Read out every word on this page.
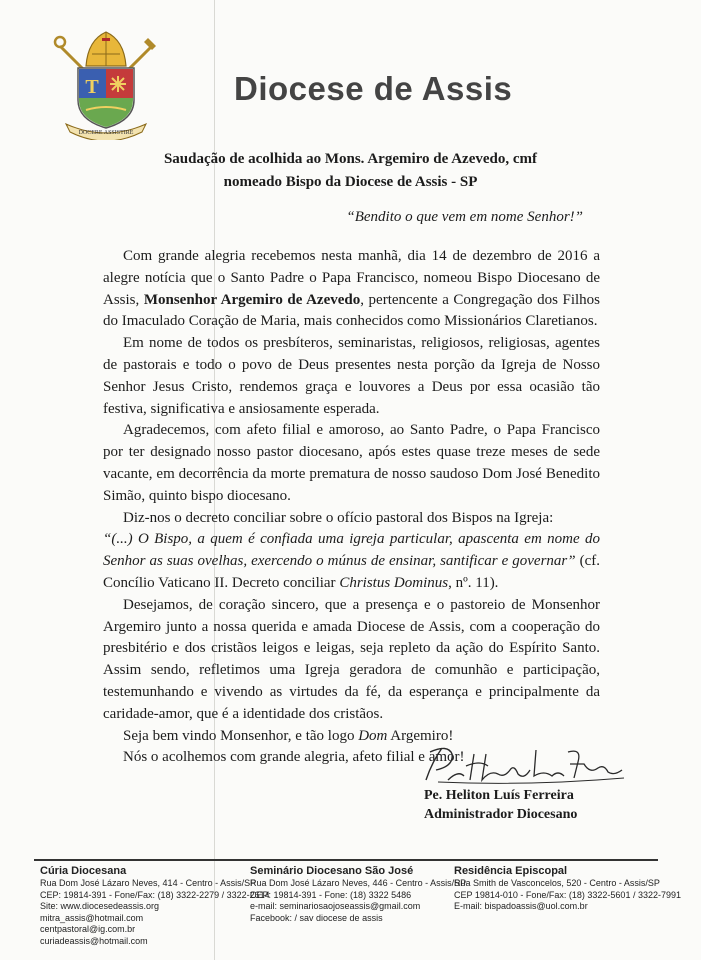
T
DOCERE ASSISTIRE
Diocese de Assis
Saudação de acolhida ao Mons. Argemiro de Azevedo, cmf
nomeado Bispo da Diocese de Assis - SP
“Bendito o que vem em nome Senhor!”

Com grande alegria recebemos nesta manhã, dia 14 de dezembro de 2016 a alegre notícia que o Santo Padre o Papa Francisco, nomeou Bispo Diocesano de Assis, Monsenhor Argemiro de Azevedo, pertencente a Congregação dos Filhos do Imaculado Coração de Maria, mais conhecidos como Missionários Claretianos.

Em nome de todos os presbíteros, seminaristas, religiosos, religiosas, agentes de pastorais e todo o povo de Deus presentes nesta porção da Igreja de Nosso Senhor Jesus Cristo, rendemos graça e louvores a Deus por essa ocasião tão festiva, significativa e ansiosamente esperada.

Agradecemos, com afeto filial e amoroso, ao Santo Padre, o Papa Francisco por ter designado nosso pastor diocesano, após estes quase treze meses de sede vacante, em decorrência da morte prematura de nosso saudoso Dom José Benedito Simão, quinto bispo diocesano.

Diz-nos o decreto conciliar sobre o ofício pastoral dos Bispos na Igreja:

“(...) O Bispo, a quem é confiada uma igreja particular, apascenta em nome do Senhor as suas ovelhas, exercendo o múnus de ensinar, santificar e governar” (cf. Concílio Vaticano II. Decreto conciliar Christus Dominus, nº. 11).

Desejamos, de coração sincero, que a presença e o pastoreio de Monsenhor Argemiro junto a nossa querida e amada Diocese de Assis, com a cooperação do presbitério e dos cristãos leigos e leigas, seja repleto da ação do Espírito Santo. Assim sendo, refletimos uma Igreja geradora de comunhão e participação, testemunhando e vivendo as virtudes da fé, da esperança e principalmente da caridade-amor, que é a identidade dos cristãos.

Seja bem vindo Monsenhor, e tão logo Dom Argemiro!

Nós o acolhemos com grande alegria, afeto filial e amor!

Pe. Heliton Luís Ferreira
Administrador Diocesano
Cúria Diocesana
Rua Dom José Lázaro Neves, 414 - Centro - Assis/SP
CEP: 19814-391 - Fone/Fax: (18) 3322-2279 / 3322-2614
Site: www.diocesedeassis.org
mitra_assis@hotmail.com
centpastoral@ig.com.br
curiadeassis@hotmail.com
Seminário Diocesano São José
Rua Dom José Lázaro Neves, 446 - Centro - Assis/SP
CEP: 19814-391 - Fone: (18) 3322 5486
e-mail: seminariosaojoseassis@gmail.com
Facebook: / sav diocese de assis
Residência Episcopal
Rua Smith de Vasconcelos, 520 - Centro - Assis/SP
CEP 19814-010 - Fone/Fax: (18) 3322-5601 / 3322-7991
E-mail: bispadoassis@uol.com.br
